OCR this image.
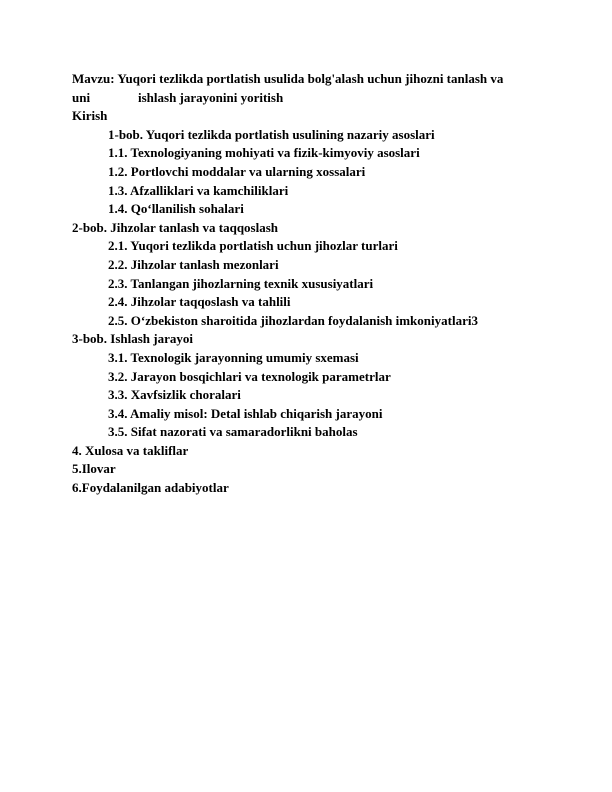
Mavzu: Yuqori tezlikda portlatish usulida bolg'alash uchun jihozni tanlash va
uni	ishlash jarayonini yoritish
Kirish
1-bob. Yuqori tezlikda portlatish usulining nazariy asoslari
1.1. Texnologiyaning mohiyati va fizik-kimyoviy asoslari
1.2. Portlovchi moddalar va ularning xossalari
1.3. Afzalliklari va kamchiliklari
1.4. Qo‘llanilish sohalari
2-bob. Jihzolar tanlash va taqqoslash
2.1. Yuqori tezlikda portlatish uchun jihozlar turlari
2.2. Jihzolar tanlash mezonlari
2.3. Tanlangan jihozlarning texnik xususiyatlari
2.4. Jihzolar taqqoslash va tahlili
2.5. O‘zbekiston sharoitida jihozlardan foydalanish imkoniyatlari3
3-bob. Ishlash jarayoi
3.1. Texnologik jarayonning umumiy sxemasi
3.2. Jarayon bosqichlari va texnologik parametrlar
3.3. Xavfsizlik choralari
3.4. Amaliy misol: Detal ishlab chiqarish jarayoni
3.5. Sifat nazorati va samaradorlikni baholas
4. Xulosa va takliflar
5.Ilovar
6.Foydalanilgan adabiyotlar
